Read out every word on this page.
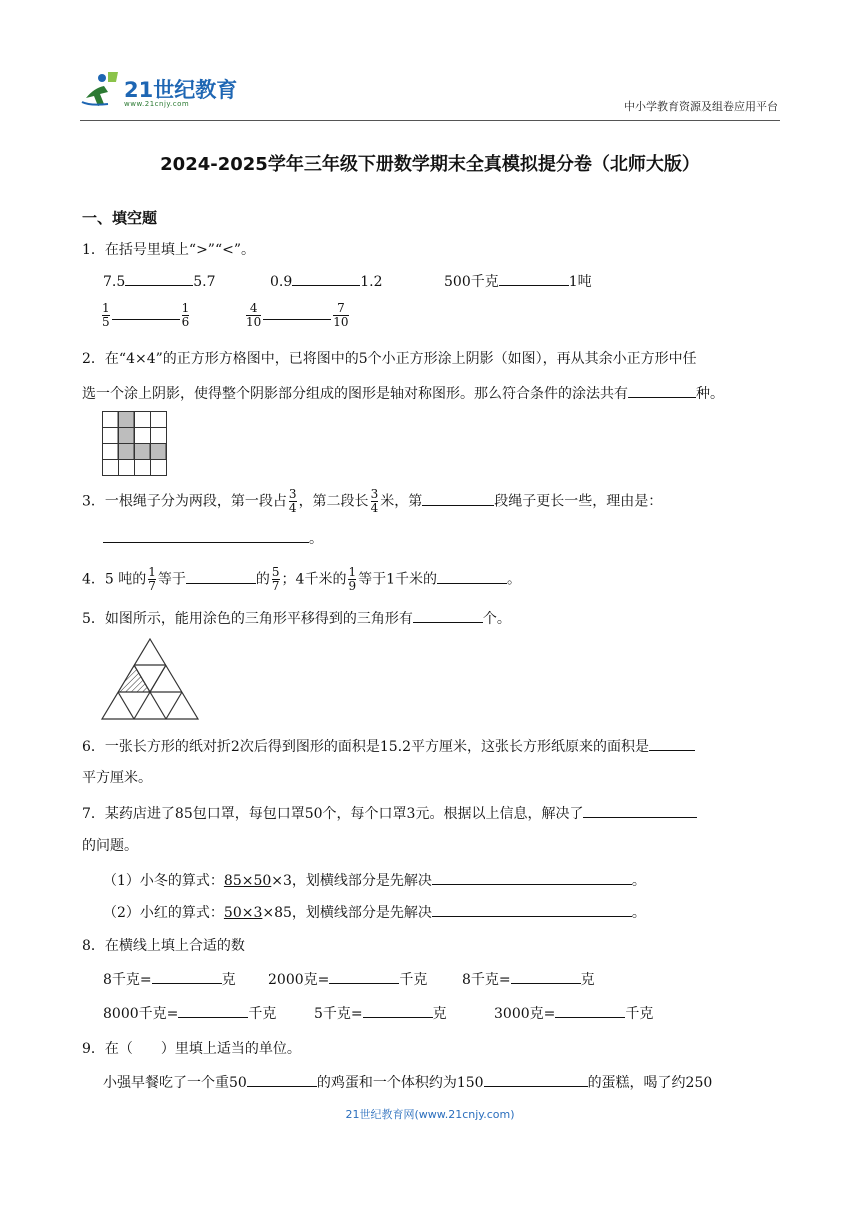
21世纪教育
www.21cnjy.com	中小学教育资源及组卷应用平台
2024-2025学年三年级下册数学期末全真模拟提分卷（北师大版）
一、填空题
1．在括号里填上“>”“<”。
7.5	5.7	0.9	1.2	500千克	1吨
$\frac{1}{5}$	$\frac{1}{6}$	$\frac{4}{10}$	$\frac{7}{10}$
2．在“4×4”的正方形方格图中，已将图中的5个小正方形涂上阴影（如图），再从其余小正方形中任
选一个涂上阴影，使得整个阴影部分组成的图形是轴对称图形。那么符合条件的涂法共有	种。
3．一根绳子分为两段，第一段占 $\frac{3}{4}$ ，第二段长 $\frac{3}{4}$ 米，第	段绳子更长一些，理由是：
。
4．5 吨的 $\frac{1}{7}$ 等于	的 $\frac{5}{7}$ ；4千米的 $\frac{1}{9}$ 等于1千米的	。
5．如图所示，能用涂色的三角形平移得到的三角形有	个。
6．一张长方形的纸对折2次后得到图形的面积是15.2平方厘米，这张长方形纸原来的面积是
平方厘米。
7．某药店进了85包口罩，每包口罩50个，每个口罩3元。根据以上信息，解决了
的问题。
（1）小冬的算式：85×50×3，划横线部分是先解决	。
（2）小红的算式：50×3×85，划横线部分是先解决	。
8．在横线上填上合适的数
8千克=	克 2000克=	千克 8千克=	克
8000千克=	千克	5千克=	克	3000克=	千克
9．在（　　）里填上适当的单位。
小强早餐吃了一个重50	的鸡蛋和一个体积约为150	的蛋糕，喝了约250
21世纪教育网(www.21cnjy.com)
